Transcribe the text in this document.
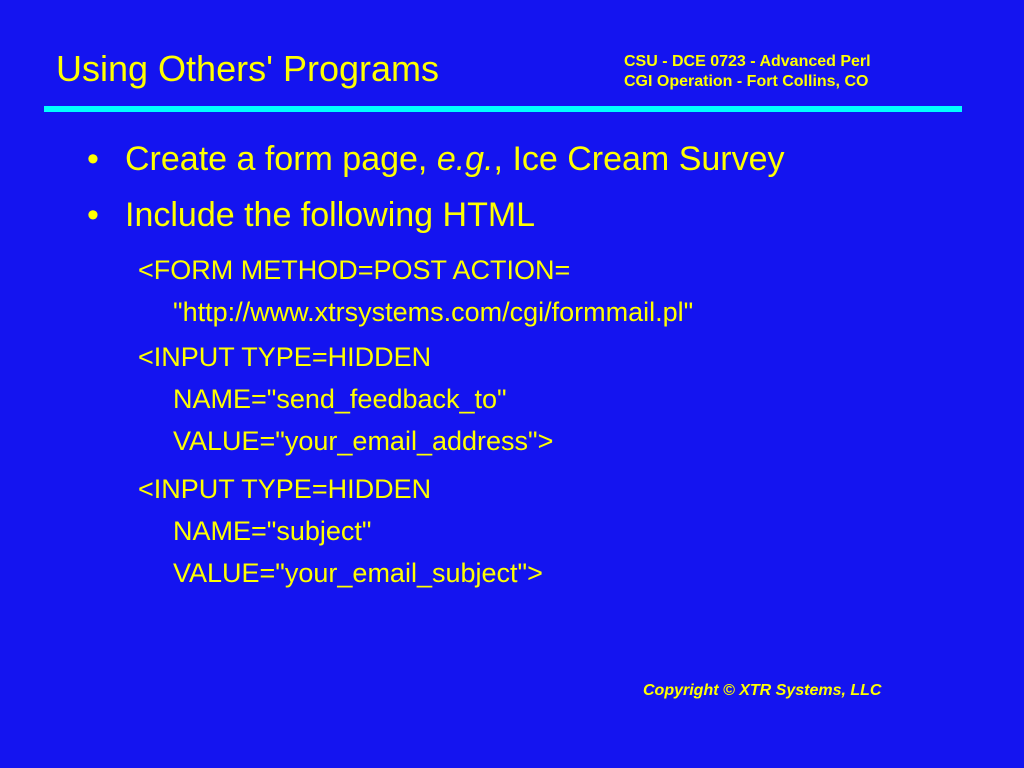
Using Others' Programs	CSU - DCE 0723 - Advanced Perl
CGI Operation - Fort Collins, CO
• Create a form page, e.g., Ice Cream Survey
• Include the following HTML
<FORM METHOD=POST ACTION=
"http://www.xtrsystems.com/cgi/formmail.pl"
<INPUT TYPE=HIDDEN
NAME="send_feedback_to"
VALUE="your_email_address">
<INPUT TYPE=HIDDEN
NAME="subject"
VALUE="your_email_subject">
Copyright © XTR Systems, LLC
